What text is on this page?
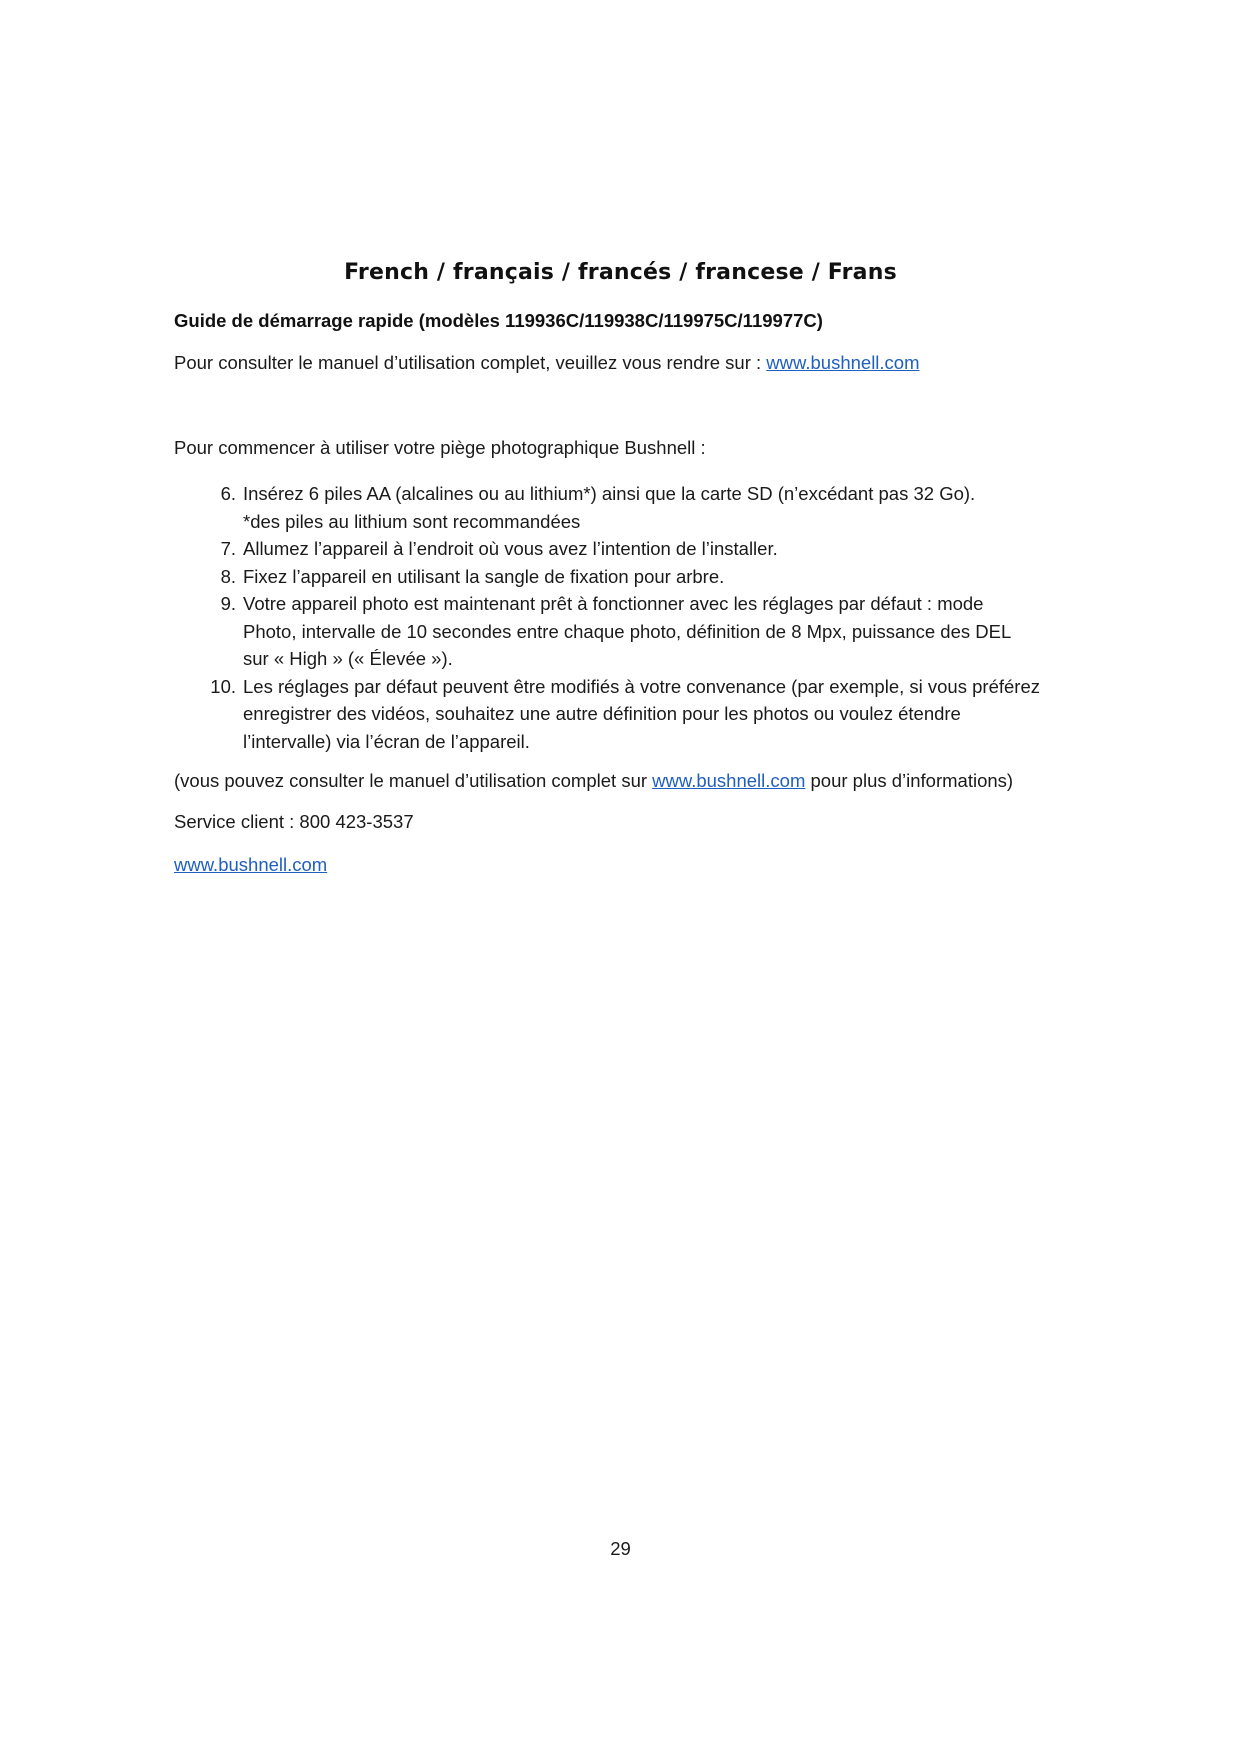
French / français / francés / francese / Frans
Guide de démarrage rapide (modèles 119936C/119938C/119975C/119977C)
Pour consulter le manuel d’utilisation complet, veuillez vous rendre sur : www.bushnell.com
Pour commencer à utiliser votre piège photographique Bushnell :
6. Insérez 6 piles AA (alcalines ou au lithium*) ainsi que la carte SD (n’excédant pas 32 Go).
*des piles au lithium sont recommandées
7. Allumez l’appareil à l’endroit où vous avez l’intention de l’installer.
8. Fixez l’appareil en utilisant la sangle de fixation pour arbre.
9. Votre appareil photo est maintenant prêt à fonctionner avec les réglages par défaut : mode
Photo, intervalle de 10 secondes entre chaque photo, définition de 8 Mpx, puissance des DEL
sur « High » (« Élevée »).
10. Les réglages par défaut peuvent être modifiés à votre convenance (par exemple, si vous préférez
enregistrer des vidéos, souhaitez une autre définition pour les photos ou voulez étendre
l’intervalle) via l’écran de l’appareil.
(vous pouvez consulter le manuel d’utilisation complet sur www.bushnell.com pour plus d’informations)
Service client : 800 423-3537
www.bushnell.com
29
